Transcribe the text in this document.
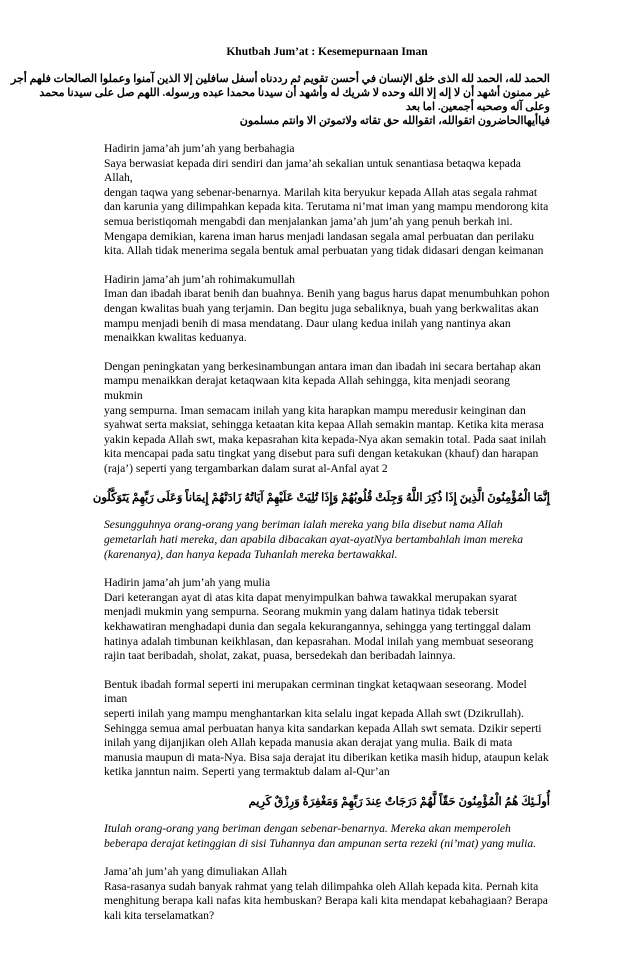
Khutbah Jum’at : Kesemepurnaan Iman
الحمد لله، الحمد لله الذى خلق الإنسان في أحسن تقويم ثم رددناه أسفل سافلين إلا الذين آمنوا وعملوا الصالحات فلهم أجر
غير ممنون أشهد أن لا إله إلا الله وحده لا شريك له وأشهد أن سيدنا محمدا عبده ورسوله. اللهم صل على سيدنا محمد
وعلى آله وصحبه أجمعين. اما بعد
فياأيهاالحاضرون اتقوالله، اتقوالله حق تقاته ولاتموتن الا وانتم مسلمون

Hadirin jama’ah jum’ah yang berbahagia

Saya berwasiat kepada diri sendiri dan jama’ah sekalian untuk senantiasa betaqwa kepada Allah,

dengan taqwa yang sebenar-benarnya. Marilah kita beryukur kepada Allah atas segala rahmat

dan karunia yang dilimpahkan kepada kita. Terutama ni’mat iman yang mampu mendorong kita

semua beristiqomah mengabdi dan menjalankan jama’ah jum’ah yang penuh berkah ini.

Mengapa demikian, karena iman harus menjadi landasan segala amal perbuatan dan perilaku

kita. Allah tidak menerima segala bentuk amal perbuatan yang tidak didasari dengan keimanan

Hadirin jama’ah jum’ah rohimakumullah

Iman dan ibadah ibarat benih dan buahnya. Benih yang bagus harus dapat menumbuhkan pohon

dengan kwalitas buah yang terjamin. Dan begitu juga sebaliknya, buah yang berkwalitas akan

mampu menjadi benih di masa mendatang. Daur ulang kedua inilah yang nantinya akan

menaikkan kwalitas keduanya.

Dengan peningkatan yang berkesinambungan antara iman dan ibadah ini secara bertahap akan

mampu menaikkan derajat ketaqwaan kita kepada Allah sehingga, kita menjadi seorang mukmin

yang sempurna. Iman semacam inilah yang kita harapkan mampu meredusir keinginan dan

syahwat serta maksiat, sehingga ketaatan kita kepaa Allah semakin mantap. Ketika kita merasa

yakin kepada Allah swt, maka kepasrahan kita kepada-Nya akan semakin total. Pada saat inilah

kita mencapai pada satu tingkat yang disebut para sufi dengan ketakukan (khauf) dan harapan

(raja’) seperti yang tergambarkan dalam surat al-Anfal ayat 2

إِنَّمَا الْمُؤْمِنُونَ الَّذِينَ إِذَا ذُكِرَ اللَّهُ وَجِلَتْ قُلُوبُهُمْ وَإِذَا تُلِيَتْ عَلَيْهِمْ آيَاتُهُ زَادَتْهُمْ إِيمَاناً وَعَلَى رَبِّهِمْ يَتَوَكَّلُون

Sesungguhnya orang-orang yang beriman ialah mereka yang bila disebut nama Allah

gemetarlah hati mereka, dan apabila dibacakan ayat-ayatNya bertambahlah iman mereka

(karenanya), dan hanya kepada Tuhanlah mereka bertawakkal.

Hadirin jama’ah jum’ah yang mulia

Dari keterangan ayat di atas kita dapat menyimpulkan bahwa tawakkal merupakan syarat

menjadi mukmin yang sempurna. Seorang mukmin yang dalam hatinya tidak tebersit

kekhawatiran menghadapi dunia dan segala kekurangannya, sehingga yang tertinggal dalam

hatinya adalah timbunan keikhlasan, dan kepasrahan. Modal inilah yang membuat seseorang

rajin taat beribadah, sholat, zakat, puasa, bersedekah dan beribadah lainnya.

Bentuk ibadah formal seperti ini merupakan cerminan tingkat ketaqwaan seseorang. Model iman

seperti inilah yang mampu menghantarkan kita selalu ingat kepada Allah swt (Dzikrullah).

Sehingga semua amal perbuatan hanya kita sandarkan kepada Allah swt semata. Dzikir seperti

inilah yang dijanjikan oleh Allah kepada manusia akan derajat yang mulia. Baik di mata

manusia maupun di mata-Nya. Bisa saja derajat itu diberikan ketika masih hidup, ataupun kelak

ketika janntun naim. Seperti yang termaktub dalam al-Qur’an

أُولَـئِكَ هُمُ الْمُؤْمِنُونَ حَقّاً لَّهُمْ دَرَجَاتٌ عِندَ رَبِّهِمْ وَمَغْفِرَةٌ وَرِزْقٌ كَرِيم

Itulah orang-orang yang beriman dengan sebenar-benarnya. Mereka akan memperoleh

beberapa derajat ketinggian di sisi Tuhannya dan ampunan serta rezeki (ni’mat) yang mulia.

Jama’ah jum’ah yang dimuliakan Allah

Rasa-rasanya sudah banyak rahmat yang telah dilimpahka oleh Allah kepada kita. Pernah kita

menghitung berapa kali nafas kita hembuskan? Berapa kali kita mendapat kebahagiaan? Berapa

kali kita terselamatkan?
